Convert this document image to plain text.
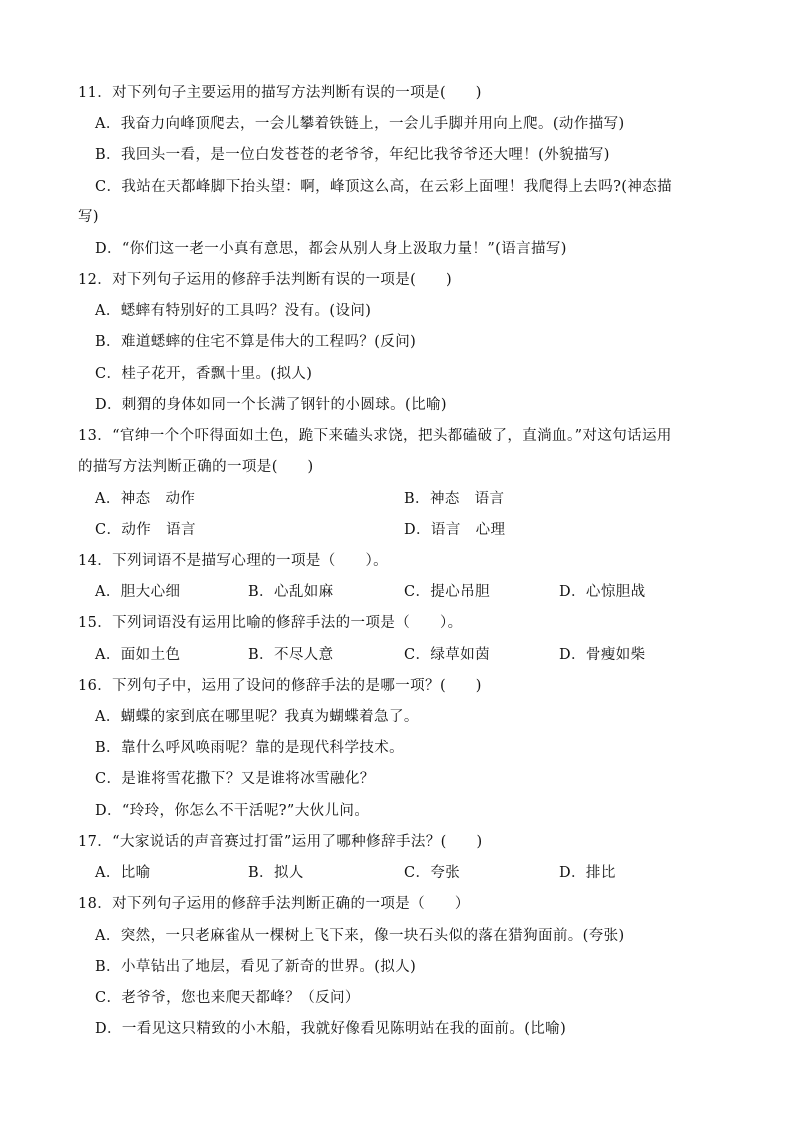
11．对下列句子主要运用的描写方法判断有误的一项是(　　)
A．我奋力向峰顶爬去，一会儿攀着铁链上，一会儿手脚并用向上爬。(动作描写)
B．我回头一看，是一位白发苍苍的老爷爷，年纪比我爷爷还大哩！(外貌描写)
C．我站在天都峰脚下抬头望：啊，峰顶这么高，在云彩上面哩！我爬得上去吗?(神态描
写)
D．“你们这一老一小真有意思，都会从别人身上汲取力量！”(语言描写)
12．对下列句子运用的修辞手法判断有误的一项是(　　)
A．蟋蟀有特别好的工具吗？没有。(设问)
B．难道蟋蟀的住宅不算是伟大的工程吗？(反问)
C．桂子花开，香飘十里。(拟人)
D．刺猬的身体如同一个长满了钢针的小圆球。(比喻)
13．“官绅一个个吓得面如土色，跪下来磕头求饶，把头都磕破了，直淌血。”对这句话运用
的描写方法判断正确的一项是(　　)
A．神态　动作	B．神态　语言
C．动作　语言	D．语言　心理
14．下列词语不是描写心理的一项是（　　）。
A．胆大心细	B．心乱如麻	C．提心吊胆	D．心惊胆战
15．下列词语没有运用比喻的修辞手法的一项是（　　）。
A．面如土色	B．不尽人意	C．绿草如茵	D．骨瘦如柴
16．下列句子中，运用了设问的修辞手法的是哪一项？(　　)
A．蝴蝶的家到底在哪里呢？我真为蝴蝶着急了。
B．靠什么呼风唤雨呢？靠的是现代科学技术。
C．是谁将雪花撒下？又是谁将冰雪融化？
D．“玲玲，你怎么不干活呢?”大伙儿问。
17．“大家说话的声音赛过打雷”运用了哪种修辞手法？(　　)
A．比喻	B．拟人	C．夸张	D．排比
18．对下列句子运用的修辞手法判断正确的一项是（　　）
A．突然，一只老麻雀从一棵树上飞下来，像一块石头似的落在猎狗面前。(夸张)
B．小草钻出了地层，看见了新奇的世界。(拟人)
C．老爷爷，您也来爬天都峰？（反问）
D．一看见这只精致的小木船，我就好像看见陈明站在我的面前。(比喻)
